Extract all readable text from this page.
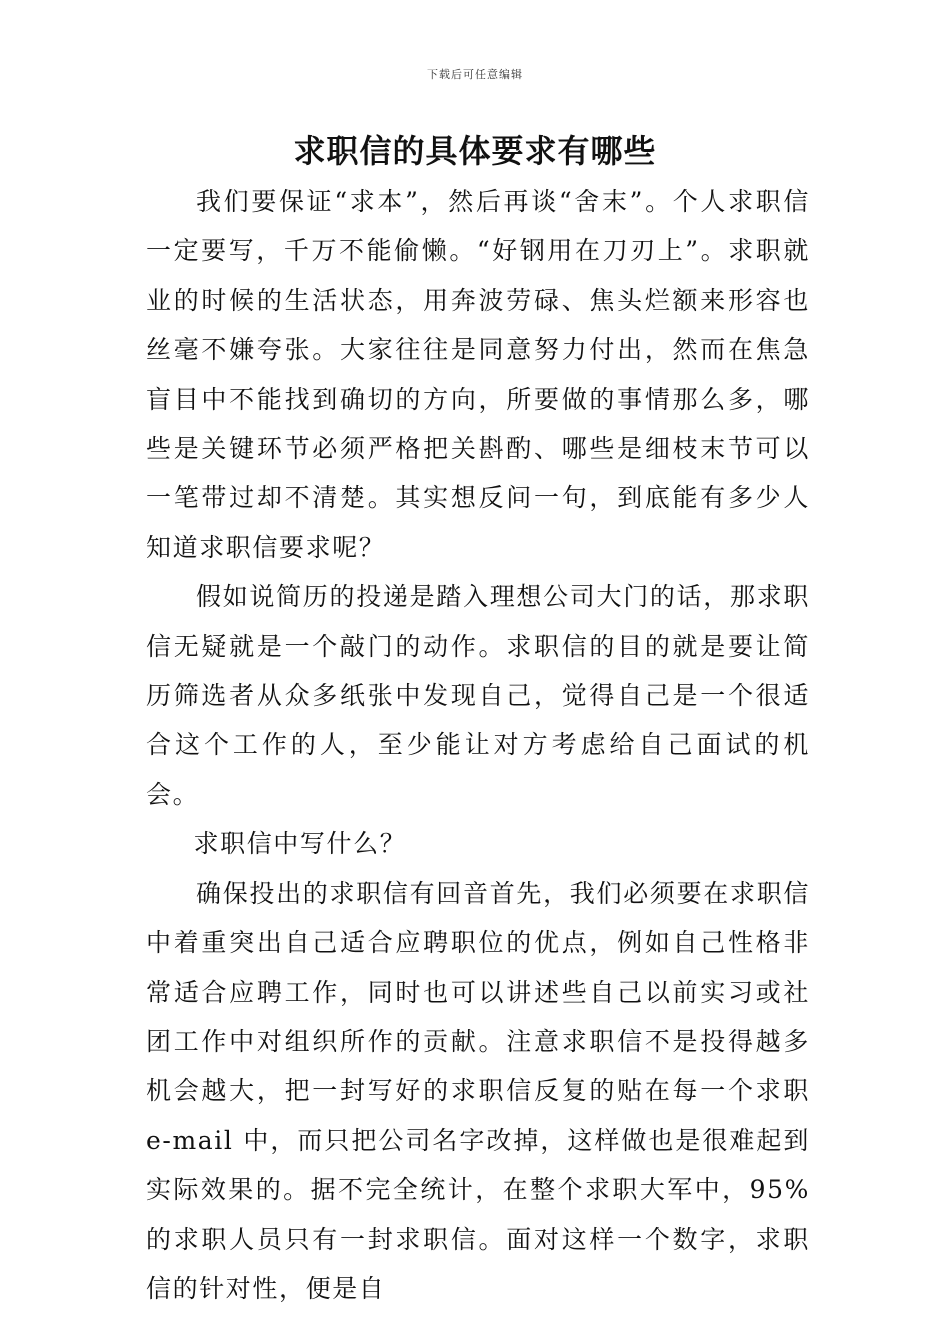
下载后可任意编辑
求职信的具体要求有哪些

我们要保证“求本”，然后再谈“舍末”。个人求职信一定要写，千万不能偷懒。“好钢用在刀刃上”。求职就业的时候的生活状态，用奔波劳碌、焦头烂额来形容也丝毫不嫌夸张。大家往往是同意努力付出，然而在焦急盲目中不能找到确切的方向，所要做的事情那么多，哪些是关键环节必须严格把关斟酌、哪些是细枝末节可以一笔带过却不清楚。其实想反问一句，到底能有多少人知道求职信要求呢？

假如说简历的投递是踏入理想公司大门的话，那求职信无疑就是一个敲门的动作。求职信的目的就是要让简历筛选者从众多纸张中发现自己，觉得自己是一个很适合这个工作的人，至少能让对方考虑给自己面试的机会。

求职信中写什么？

确保投出的求职信有回音首先，我们必须要在求职信中着重突出自己适合应聘职位的优点，例如自己性格非常适合应聘工作，同时也可以讲述些自己以前实习或社团工作中对组织所作的贡献。注意求职信不是投得越多机会越大，把一封写好的求职信反复的贴在每一个求职 e-mail 中，而只把公司名字改掉，这样做也是很难起到实际效果的。据不完全统计，在整个求职大军中，95%的求职人员只有一封求职信。面对这样一个数字，求职信的针对性，便是自
